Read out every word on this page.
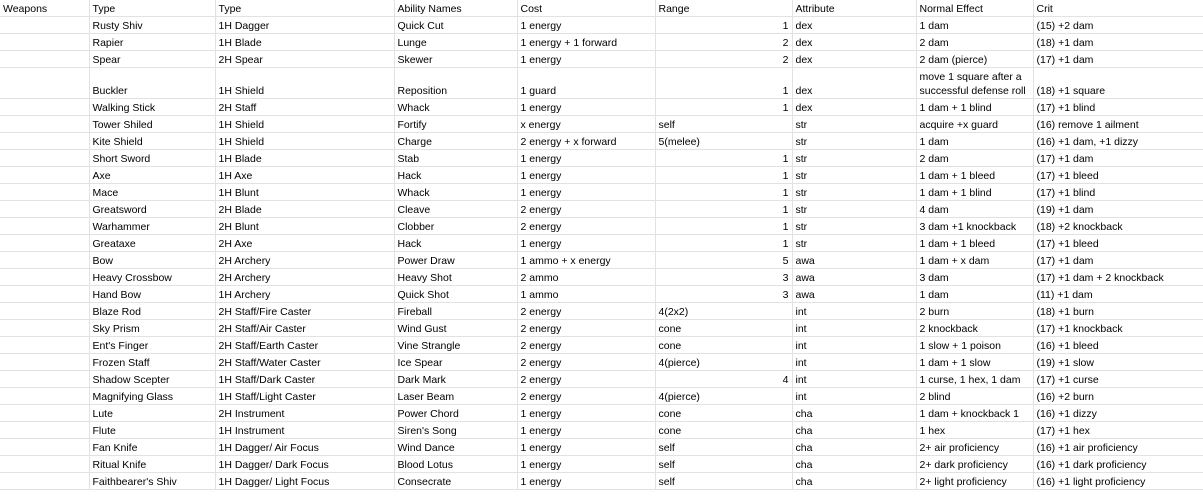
Weapons	Type	Type	Ability Names	Cost	Range	Attribute	Normal Effect	Crit
	Rusty Shiv	1H Dagger	Quick Cut	1 energy	1	dex	1 dam	(15) +2 dam
	Rapier	1H Blade	Lunge	1 energy + 1 forward	2	dex	2 dam	(18) +1 dam
	Spear	2H Spear	Skewer	1 energy	2	dex	2 dam (pierce)	(17) +1 dam
	Buckler	1H Shield	Reposition	1 guard	1	dex	move 1 square after a successful defense roll	(18) +1 square
	Walking Stick	2H Staff	Whack	1 energy	1	dex	1 dam + 1 blind	(17) +1 blind
	Tower Shiled	1H Shield	Fortify	x energy	self	str	acquire +x guard	(16) remove 1 ailment
	Kite Shield	1H Shield	Charge	2 energy + x forward	5(melee)	str	1 dam	(16) +1 dam, +1 dizzy
	Short Sword	1H Blade	Stab	1 energy	1	str	2 dam	(17) +1 dam
	Axe	1H Axe	Hack	1 energy	1	str	1 dam + 1 bleed	(17) +1 bleed
	Mace	1H Blunt	Whack	1 energy	1	str	1 dam + 1 blind	(17) +1 blind
	Greatsword	2H Blade	Cleave	2 energy	1	str	4 dam	(19) +1 dam
	Warhammer	2H Blunt	Clobber	2 energy	1	str	3 dam +1 knockback	(18) +2 knockback
	Greataxe	2H Axe	Hack	1 energy	1	str	1 dam + 1 bleed	(17) +1 bleed
	Bow	2H Archery	Power Draw	1 ammo + x energy	5	awa	1 dam + x dam	(17) +1 dam
	Heavy Crossbow	2H Archery	Heavy Shot	2 ammo	3	awa	3 dam	(17) +1 dam + 2 knockback
	Hand Bow	1H Archery	Quick Shot	1 ammo	3	awa	1 dam	(11) +1 dam
	Blaze Rod	2H Staff/Fire Caster	Fireball	2 energy	4(2x2)	int	2 burn	(18) +1 burn
	Sky Prism	2H Staff/Air Caster	Wind Gust	2 energy	cone	int	2 knockback	(17) +1 knockback
	Ent's Finger	2H Staff/Earth Caster	Vine Strangle	2 energy	cone	int	1 slow + 1 poison	(16) +1 bleed
	Frozen Staff	2H Staff/Water Caster	Ice Spear	2 energy	4(pierce)	int	1 dam + 1 slow	(19) +1 slow
	Shadow Scepter	1H Staff/Dark Caster	Dark Mark	2 energy	4	int	1 curse, 1 hex, 1 dam	(17) +1 curse
	Magnifying Glass	1H Staff/Light Caster	Laser Beam	2 energy	4(pierce)	int	2 blind	(16) +2 burn
	Lute	2H Instrument	Power Chord	1 energy	cone	cha	1 dam + knockback 1	(16) +1 dizzy
	Flute	1H Instrument	Siren's Song	1 energy	cone	cha	1 hex	(17) +1 hex
	Fan Knife	1H Dagger/ Air Focus	Wind Dance	1 energy	self	cha	2+ air proficiency	(16) +1 air proficiency
	Ritual Knife	1H Dagger/ Dark Focus	Blood Lotus	1 energy	self	cha	2+ dark proficiency	(16) +1 dark proficiency
	Faithbearer's Shiv	1H Dagger/ Light Focus	Consecrate	1 energy	self	cha	2+ light proficiency	(16) +1 light proficiency
